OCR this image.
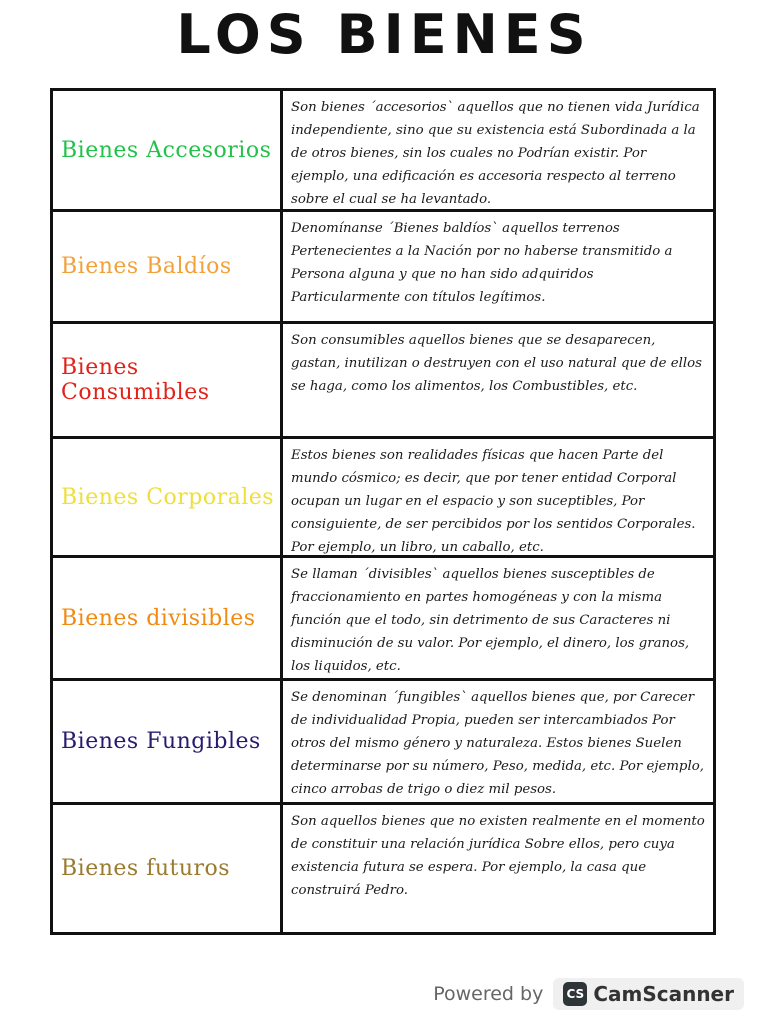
LOS BIENES
Bienes Accesorios
Son bienes ´accesorios` aquellos que no tienen vida Jurídica independiente, sino que su existencia está Subordinada a la de otros bienes, sin los cuales no Podrían existir. Por ejemplo, una edificación es accesoria respecto al terreno sobre el cual se ha levantado.
Bienes Baldíos
Denomínanse ´Bienes baldíos` aquellos terrenos Pertenecientes a la Nación por no haberse transmitido a Persona alguna y que no han sido adquiridos Particularmente con títulos legítimos.
Bienes Consumibles
Son consumibles aquellos bienes que se desaparecen, gastan, inutilizan o destruyen con el uso natural que de ellos se haga, como los alimentos, los Combustibles, etc.
Bienes Corporales
Estos bienes son realidades físicas que hacen Parte del mundo cósmico; es decir, que por tener entidad Corporal ocupan un lugar en el espacio y son suceptibles, Por consiguiente, de ser percibidos por los sentidos Corporales. Por ejemplo, un libro, un caballo, etc.
Bienes divisibles
Se llaman ´divisibles` aquellos bienes susceptibles de fraccionamiento en partes homogéneas y con la misma función que el todo, sin detrimento de sus Caracteres ni disminución de su valor. Por ejemplo, el dinero, los granos, los liquidos, etc.
Bienes Fungibles
Se denominan ´fungibles` aquellos bienes que, por Carecer de individualidad Propia, pueden ser intercambiados Por otros del mismo género y naturaleza. Estos bienes Suelen determinarse por su número, Peso, medida, etc. Por ejemplo, cinco arrobas de trigo o diez mil pesos.
Bienes futuros
Son aquellos bienes que no existen realmente en el momento de constituir una relación jurídica Sobre ellos, pero cuya existencia futura se espera. Por ejemplo, la casa que construirá Pedro.
Powered by CS CamScanner
